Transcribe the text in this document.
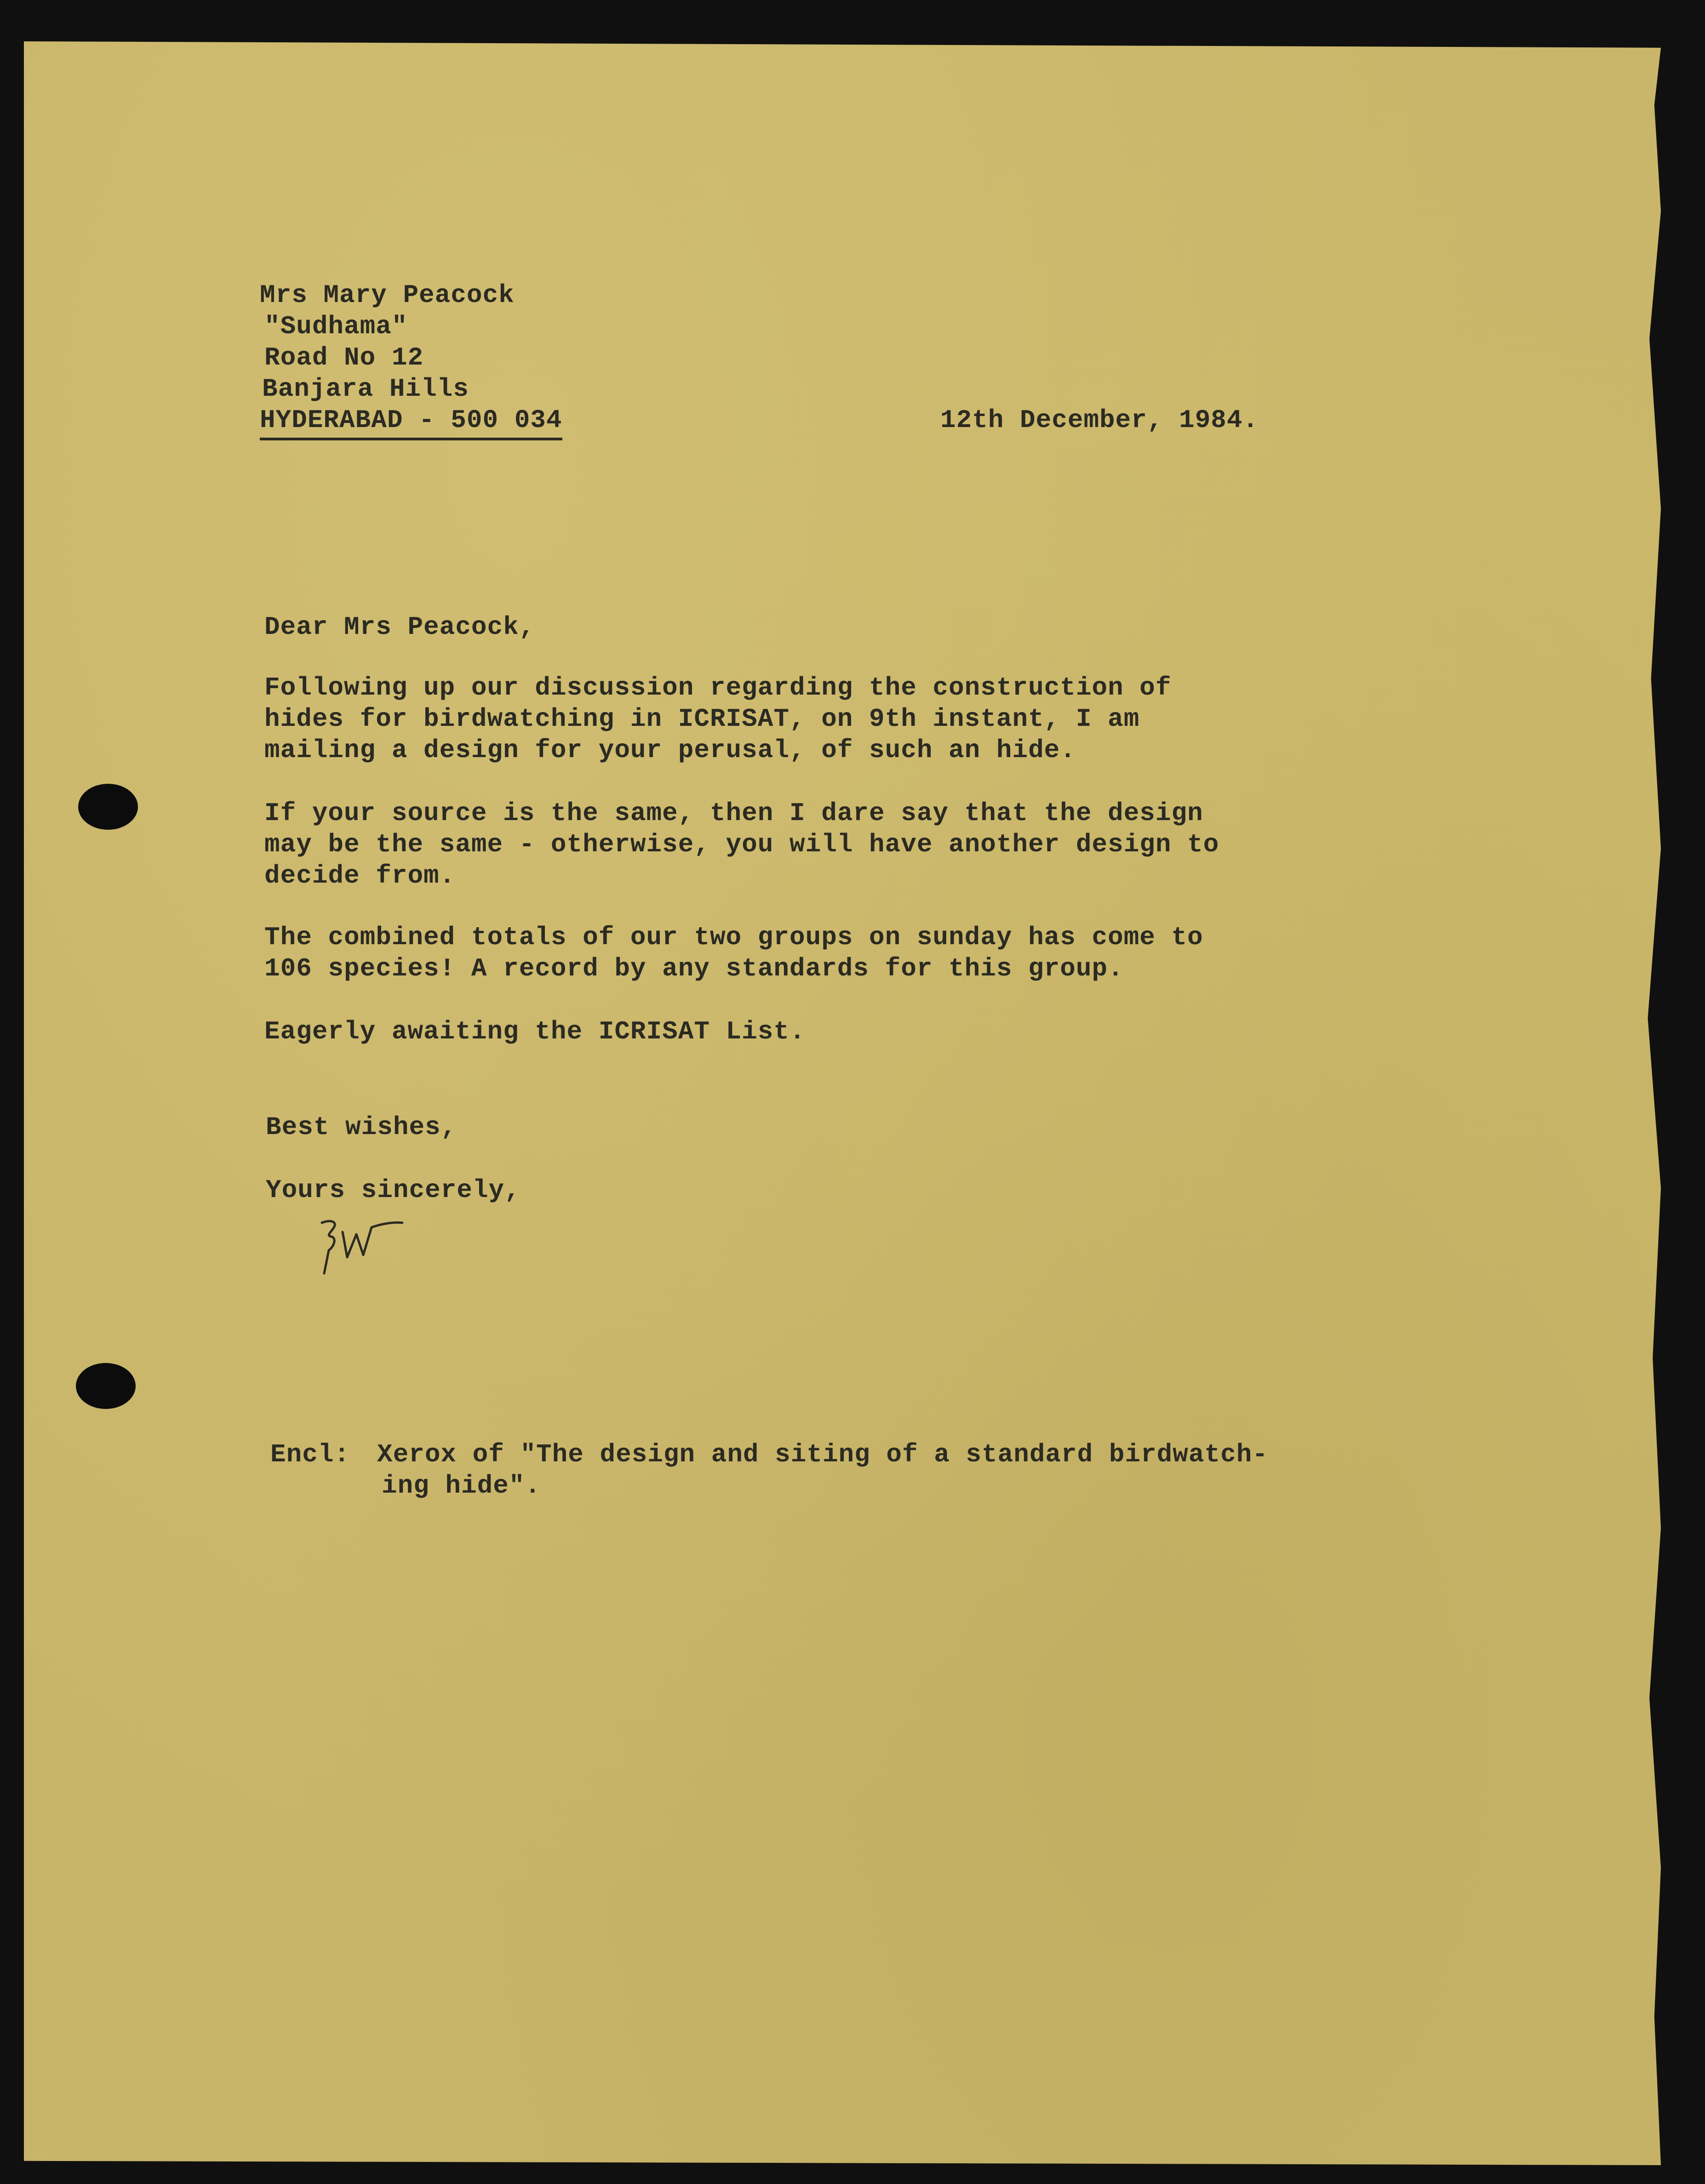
Mrs Mary Peacock
"Sudhama"
Road No 12
Banjara Hills
HYDERABAD - 500 034	12th December, 1984.
Dear Mrs Peacock,
Following up our discussion regarding the construction of
hides for birdwatching in ICRISAT, on 9th instant, I am
mailing a design for your perusal, of such an hide.
If your source is the same, then I dare say that the design
may be the same - otherwise, you will have another design to
decide from.
The combined totals of our two groups on sunday has come to
106 species! A record by any standards for this group.
Eagerly awaiting the ICRISAT List.
Best wishes,
Yours sincerely,
Encl: Xerox of "The design and siting of a standard birdwatch-
ing hide".
